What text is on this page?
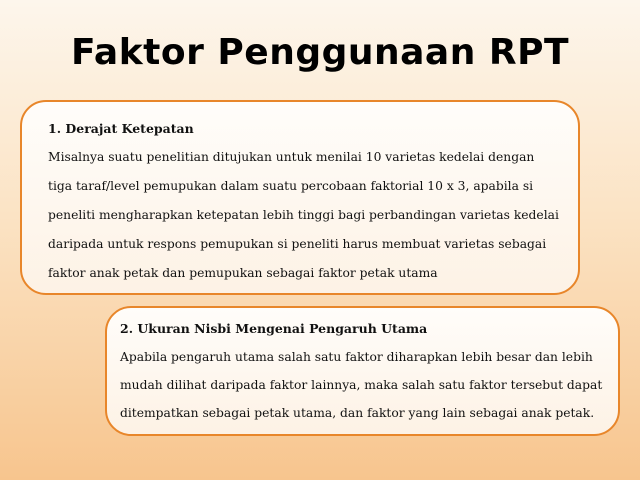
Faktor Penggunaan RPT
1. Derajat Ketepatan
Misalnya suatu penelitian ditujukan untuk menilai 10 varietas kedelai dengan
tiga taraf/level pemupukan dalam suatu percobaan faktorial 10 x 3, apabila si
peneliti mengharapkan ketepatan lebih tinggi bagi perbandingan varietas kedelai
daripada untuk respons pemupukan si peneliti harus membuat varietas sebagai
faktor anak petak dan pemupukan sebagai faktor petak utama
2. Ukuran Nisbi Mengenai Pengaruh Utama
Apabila pengaruh utama salah satu faktor diharapkan lebih besar dan lebih
mudah dilihat daripada faktor lainnya, maka salah satu faktor tersebut dapat
ditempatkan sebagai petak utama, dan faktor yang lain sebagai anak petak.
